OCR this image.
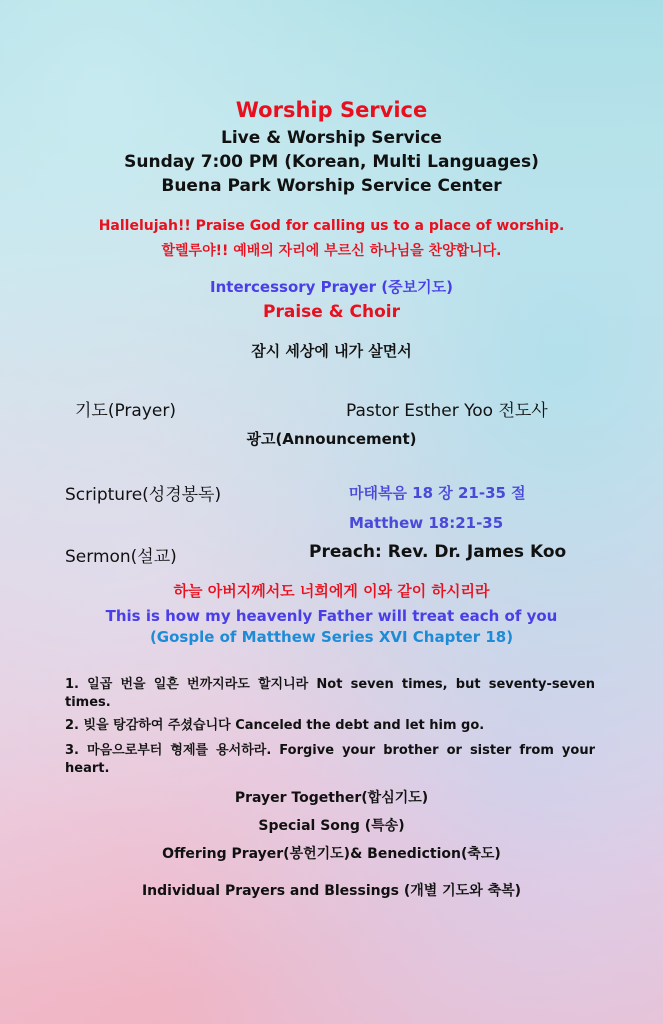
Worship Service
Live & Worship Service
Sunday 7:00 PM (Korean, Multi Languages)
Buena Park Worship Service Center
Hallelujah!! Praise God for calling us to a place of worship.
할렐루야!! 예배의 자리에 부르신 하나님을 찬양합니다.
Intercessory Prayer (중보기도)
Praise & Choir
잠시 세상에 내가 살면서
기도(Prayer)	Pastor Esther Yoo 전도사
광고(Announcement)
Scripture(성경봉독)	마태복음 18 장 21-35 절
Matthew 18:21-35
Sermon(설교)	Preach: Rev. Dr. James Koo
하늘 아버지께서도 너희에게 이와 같이 하시리라
This is how my heavenly Father will treat each of you
(Gosple of Matthew Series XVI Chapter 18)
1. 일곱 번을 일흔 번까지라도 할지니라 Not seven times, but seventy-seven times.
2. 빚을 탕감하여 주셨습니다 Canceled the debt and let him go.
3. 마음으로부터 형제를 용서하라. Forgive your brother or sister from your heart.
Prayer Together(합심기도)
Special Song (특송)
Offering Prayer(봉헌기도)& Benediction(축도)
Individual Prayers and Blessings (개별 기도와 축복)
